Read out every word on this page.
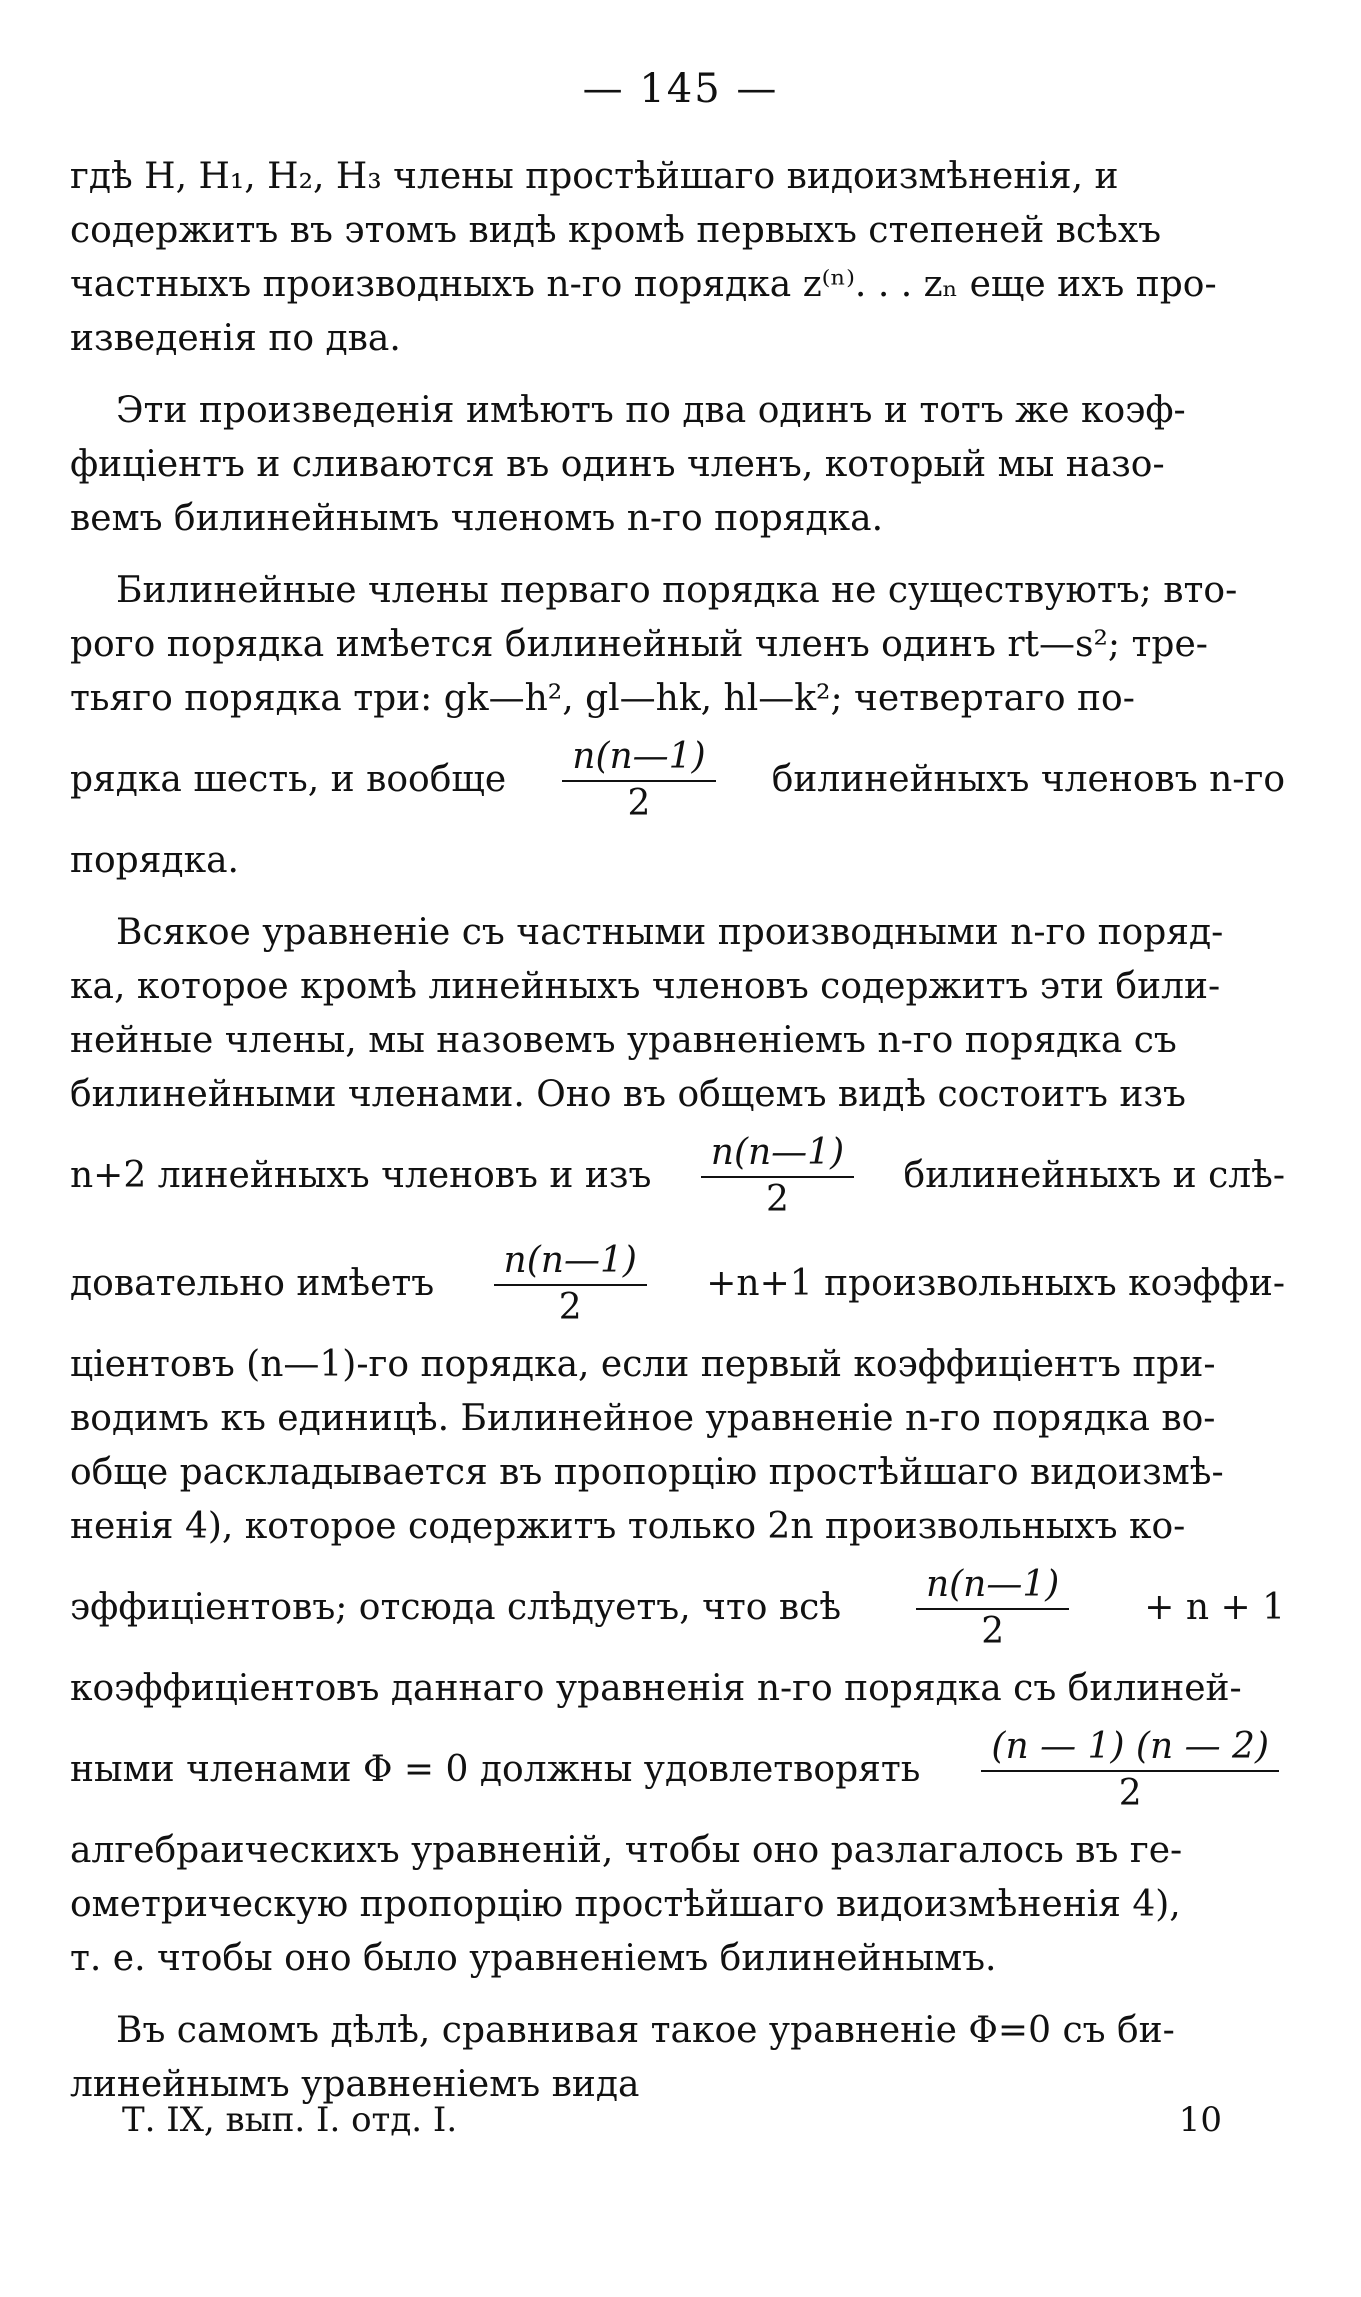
— 145 —
гдѣ H, H₁, H₂, H₃ члены простѣйшаго видоизмѣненія, и
содержитъ въ этомъ видѣ кромѣ первыхъ степеней всѣхъ
частныхъ производныхъ n-го порядка z⁽ⁿ⁾. . . zₙ еще ихъ про-
изведенія по два.
Эти произведенія имѣютъ по два одинъ и тотъ же коэф-
фиціентъ и сливаются въ одинъ членъ, который мы назо-
вемъ билинейнымъ членомъ n-го порядка.
Билинейные члены перваго порядка не существуютъ; вто-
рого порядка имѣется билинейный членъ одинъ rt—s²; тре-
тьяго порядка три: gk—h², gl—hk, hl—k²; четвертаго по-
рядка шесть, и вообще $\frac{n(n—1)}{2}$ билинейныхъ членовъ n-го
порядка.
Всякое уравненіе съ частными производными n-го поряд-
ка, которое кромѣ линейныхъ членовъ содержитъ эти били-
нейные члены, мы назовемъ уравненіемъ n-го порядка съ
билинейными членами. Оно въ общемъ видѣ состоитъ изъ
n+2 линейныхъ членовъ и изъ $\frac{n(n—1)}{2}$ билинейныхъ и слѣ-
довательно имѣетъ $\frac{n(n—1)}{2} +n+1$ произвольныхъ коэффи-
ціентовъ (n—1)-го порядка, если первый коэффиціентъ при-
водимъ къ единицѣ. Билинейное уравненіе n-го порядка во-
обще раскладывается въ пропорцію простѣйшаго видоизмѣ-
ненія 4), которое содержитъ только 2n произвольныхъ ко-
эффиціентовъ; отсюда слѣдуетъ, что всѣ $\frac{n(n—1)}{2} + n + 1$
коэффиціентовъ даннаго уравненія n-го порядка съ билиней-
ными членами Φ = 0 должны удовлетворять $\frac{(n — 1) (n — 2)}{2}$
алгебраическихъ уравненій, чтобы оно разлагалось въ ге-
ометрическую пропорцію простѣйшаго видоизмѣненія 4),
т. е. чтобы оно было уравненіемъ билинейнымъ.
Въ самомъ дѣлѣ, сравнивая такое уравненіе Φ=0 съ би-
линейнымъ уравненіемъ вида
Т. IX, вып. I. отд. I.	10
